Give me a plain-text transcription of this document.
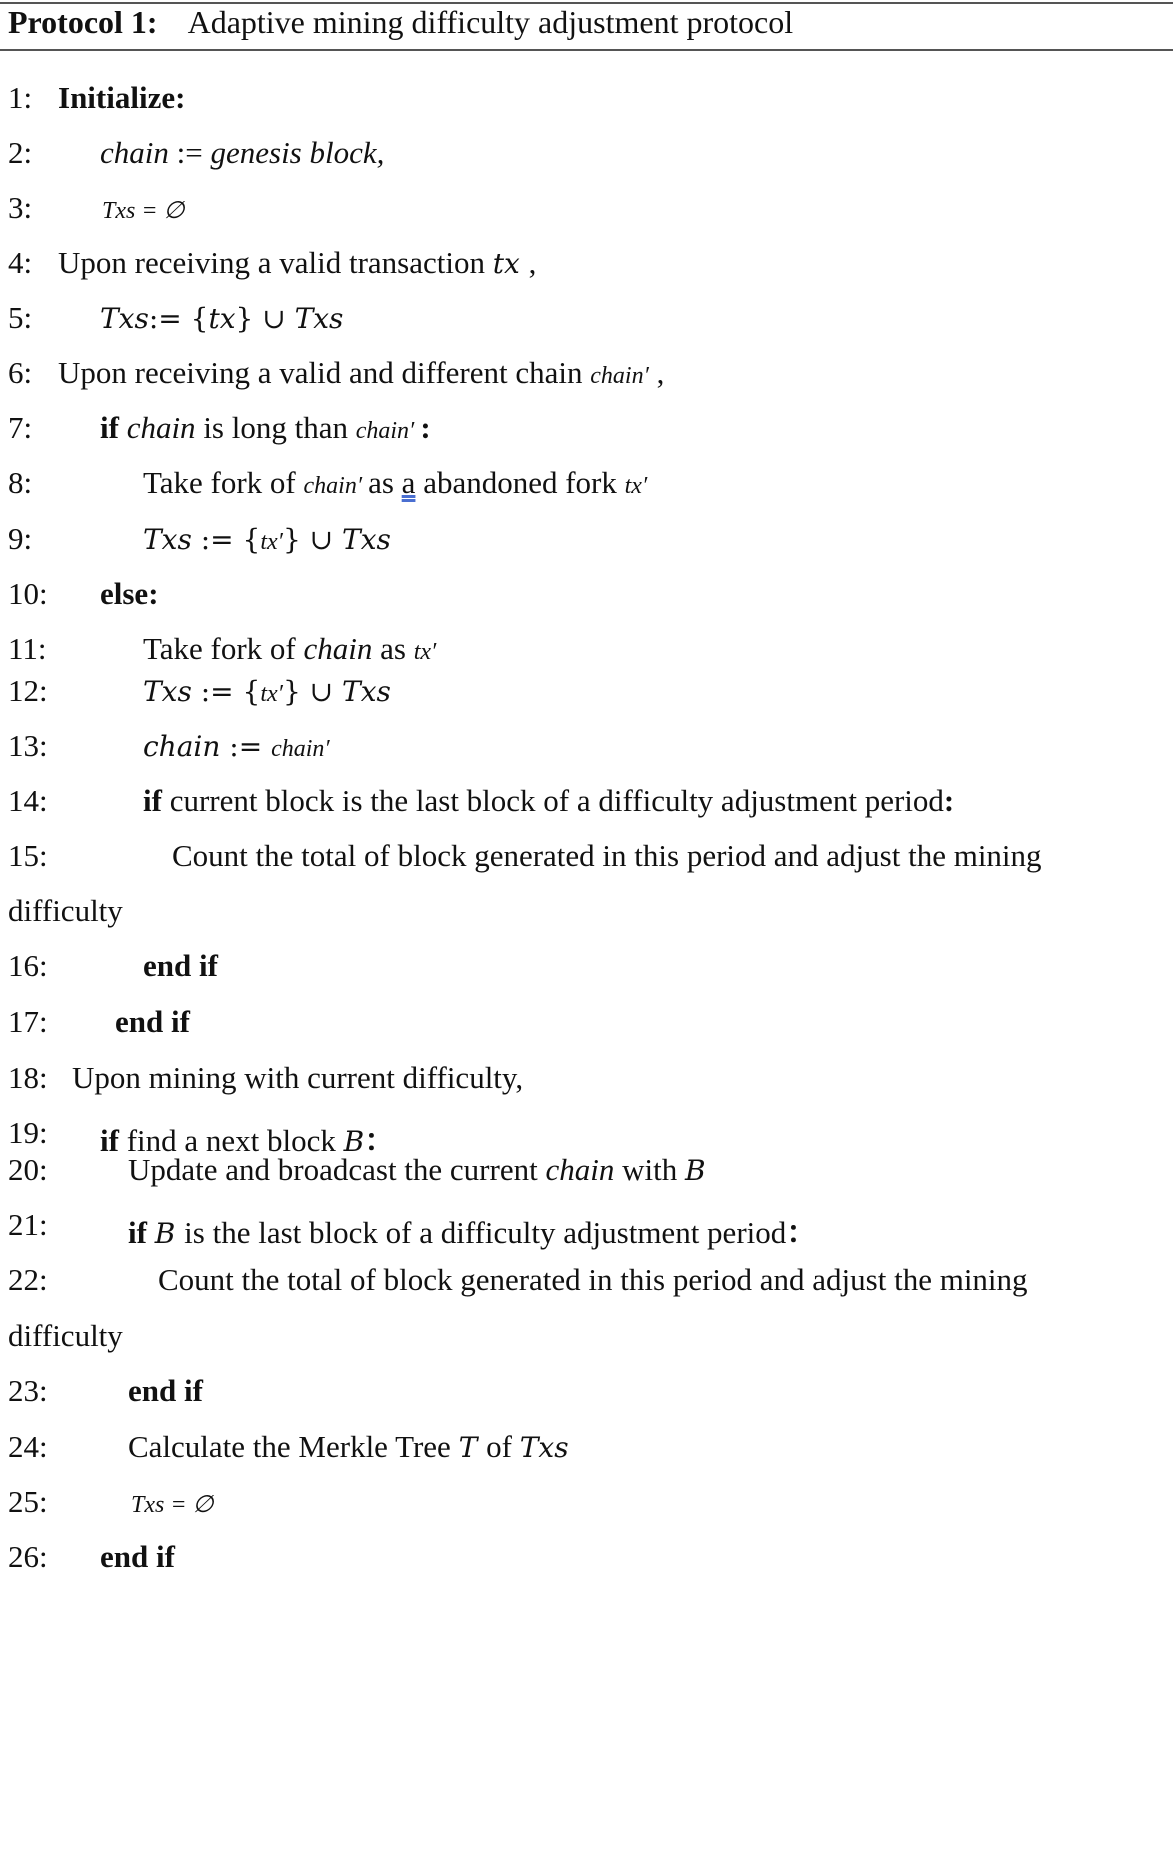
Protocol 1: Adaptive mining difficulty adjustment protocol
1: Initialize:
2: chain := genesis block,
3:	Txs = ∅
4: Upon receiving a valid transaction tx ,
5: Txs:= {tx} ∪ Txs
6: Upon receiving a valid and different chain chain′ ,
7: if chain is long than chain′ :
8:	Take fork of chain′ as a abandoned fork tx′
9:	Txs := {tx′} ∪ Txs
10: else:
11:	Take fork of chain as tx′
12:	Txs := {tx′} ∪ Txs
13:	chain := chain′
14:	if current block is the last block of a difficulty adjustment period:
15:	Count the total of block generated in this period and adjust the mining
difficulty
16:	end if
17: end if
18: Upon mining with current difficulty,
19: if find a next block B：
20:	Update and broadcast the current chain with B
21:	if B is the last block of a difficulty adjustment period：
22:	Count the total of block generated in this period and adjust the mining
difficulty
23:	end if
24:	Calculate the Merkle Tree T of Txs
25:	Txs = ∅
26: end if
